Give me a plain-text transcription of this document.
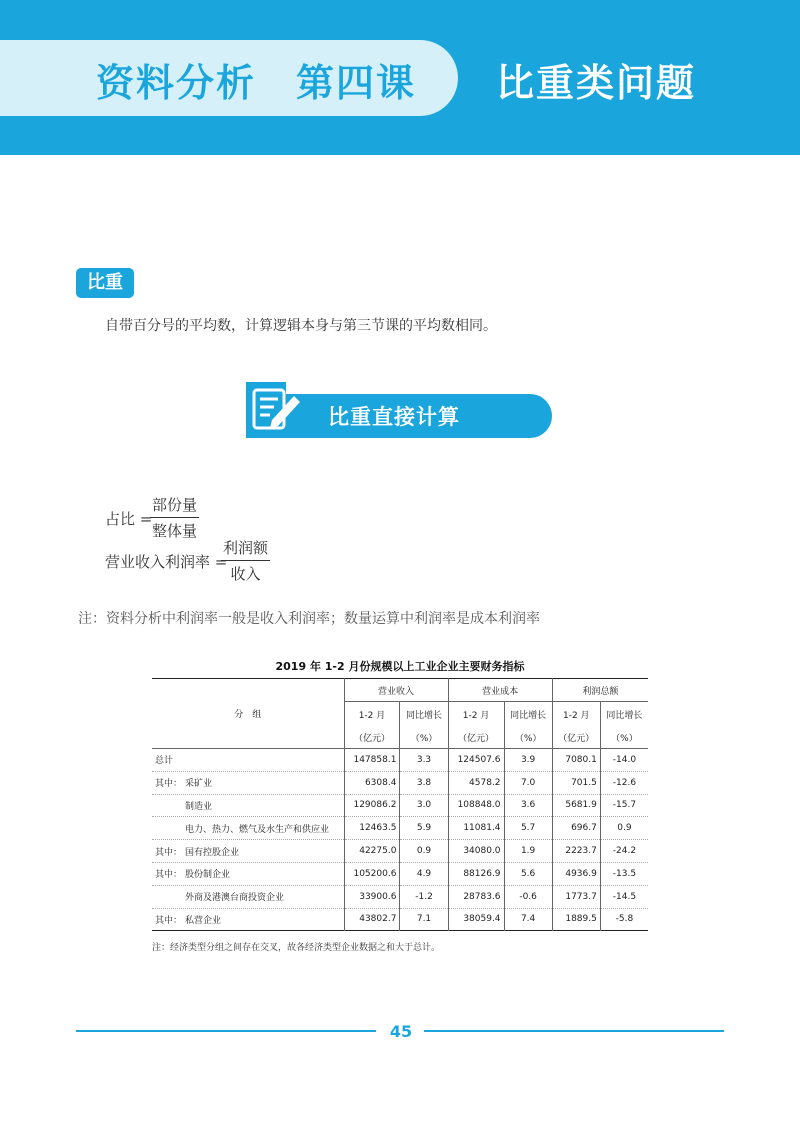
资料分析 第四课 比重类问题
比重
自带百分号的平均数，计算逻辑本身与第三节课的平均数相同。
比重直接计算
占比 =
部份量
整体量
营业收入利润率 =
利润额
收入
注：资料分析中利润率一般是收入利润率；数量运算中利润率是成本利润率
2019 年 1-2 月份规模以上工业企业主要财务指标
分　组	营业收入		营业成本		利润总额	
	1-2 月	同比增长	1-2 月	同比增长	1-2 月	同比增长
	（亿元）	（%）	（亿元）	（%）	（亿元）	（%）
总计	147858.1	3.3	124507.6	3.9	7080.1	-14.0
其中： 采矿业	6308.4	3.8	4578.2	7.0	701.5	-12.6
制造业	129086.2	3.0	108848.0	3.6	5681.9	-15.7
电力、热力、燃气及水生产和供应业	12463.5	5.9	11081.4	5.7	696.7	0.9
其中： 国有控股企业	42275.0	0.9	34080.0	1.9	2223.7	-24.2
其中： 股份制企业	105200.6	4.9	88126.9	5.6	4936.9	-13.5
外商及港澳台商投资企业	33900.6	-1.2	28783.6	-0.6	1773.7	-14.5
其中： 私营企业	43802.7	7.1	38059.4	7.4	1889.5	-5.8
注：经济类型分组之间存在交叉，故各经济类型企业数据之和大于总计。
45
